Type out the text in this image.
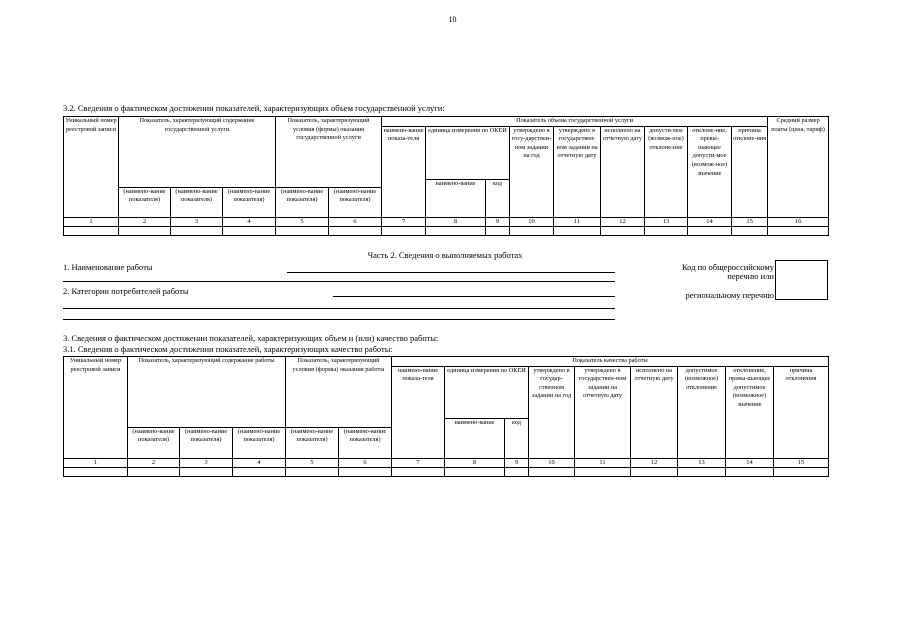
10
3.2. Сведения о фактическом достижении показателей, характеризующих объем государственной услуги:
Уникальный номер реестровой записи	Показатель, характеризующий содержание государственной услуги			Показатель, характеризующий условия (формы) оказания государственной услуги		Показатель объема государственной услуги									Средний размер платы (цена, тариф)
						наимено-вание показа-теля	единица измерения по ОКЕИ		утверждено в госу-дарствен-ном задании на год	утверждено в государствен-ном задании на отчетную дату	исполнено на отчетную дату	допусти-мое (возмож-ное) отклоне-ние	отклоне-ние, превы-шающее допусти-мое (возмож-ное) значение	причина отклоне-ния	
							наимено-вание	код							
	(наимено-вание показателя)	(наимено-вание показателя)	(наимено-вание показателя)	(наимено-вание показателя)	(наимено-вание показателя)										
1	2	3	4	5	6	7	8	9	10	11	12	13	14	15	16

Часть 2. Сведения о выполняемых работах
1. Наименование работы
2. Категории потребителей работы
Код по общероссийскому
перечню или
региональному перечню
3. Сведения о фактическом достижении показателей, характеризующих объем и (или) качество работы:
3.1. Сведения о фактическом достижении показателей, характеризующих качество работы:
Уникальный номер реестровой записи	Показатель, характеризующий содержание работы			Показатель, характеризующий условия (формы) оказания работы		Показатель качества работы								
						наимено-вание показа-теля	единица измерения по ОКЕИ		утверждено в государ-ственном задании на год	утверждено в государствен-ном задании на отчетную дату	исполнено на отчетную дату	допустимое (возможное) отклонение	отклонение, превы-шающее допустимое (возможное) значение	причина отклонения
							наимено-вание	код						
	(наимено-вание показателя)	(наимено-вание показателя)	(наимено-вание показателя)	(наимено-вание показателя)	(наимено-вание показателя)									
1	2	3	4	5	6	7	8	9	10	11	12	13	14	15
